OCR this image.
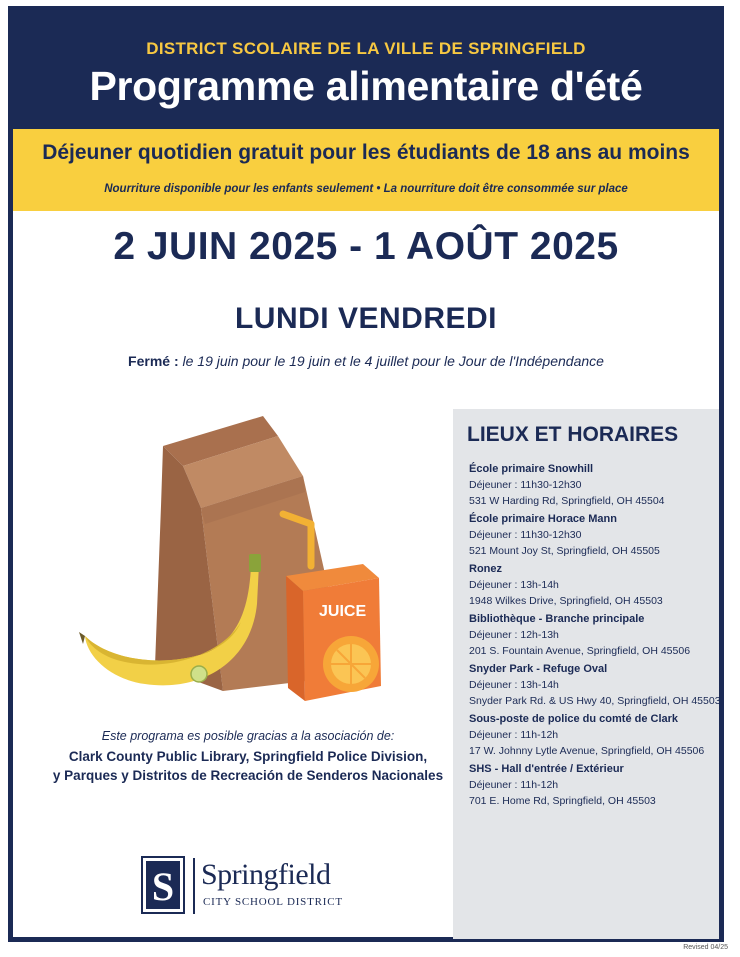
DISTRICT SCOLAIRE DE LA VILLE DE SPRINGFIELD
Programme alimentaire d'été
Déjeuner quotidien gratuit pour les étudiants de 18 ans au moins
Nourriture disponible pour les enfants seulement • La nourriture doit être consommée sur place
2 JUIN 2025 - 1 AOÛT 2025
LUNDI VENDREDI
Fermé : le 19 juin pour le 19 juin et le 4 juillet pour le Jour de l'Indépendance
JUICE
LIEUX ET HORAIRES
École primaire Snowhill
Déjeuner : 11h30-12h30
531 W Harding Rd, Springfield, OH 45504
École primaire Horace Mann
Déjeuner : 11h30-12h30
521 Mount Joy St, Springfield, OH 45505
Ronez
Déjeuner : 13h-14h
1948 Wilkes Drive, Springfield, OH 45503
Bibliothèque - Branche principale
Déjeuner : 12h-13h
201 S. Fountain Avenue, Springfield, OH 45506
Snyder Park - Refuge Oval
Déjeuner : 13h-14h
Snyder Park Rd. & US Hwy 40, Springfield, OH 45503
Sous-poste de police du comté de Clark
Déjeuner : 11h-12h
17 W. Johnny Lytle Avenue, Springfield, OH 45506
SHS - Hall d'entrée / Extérieur
Déjeuner : 11h-12h
701 E. Home Rd, Springfield, OH 45503
Este programa es posible gracias a la asociación de:
Clark County Public Library, Springfield Police Division,
y Parques y Distritos de Recreación de Senderos Nacionales
S Springfield
CITY SCHOOL DISTRICT
Revised 04/25
